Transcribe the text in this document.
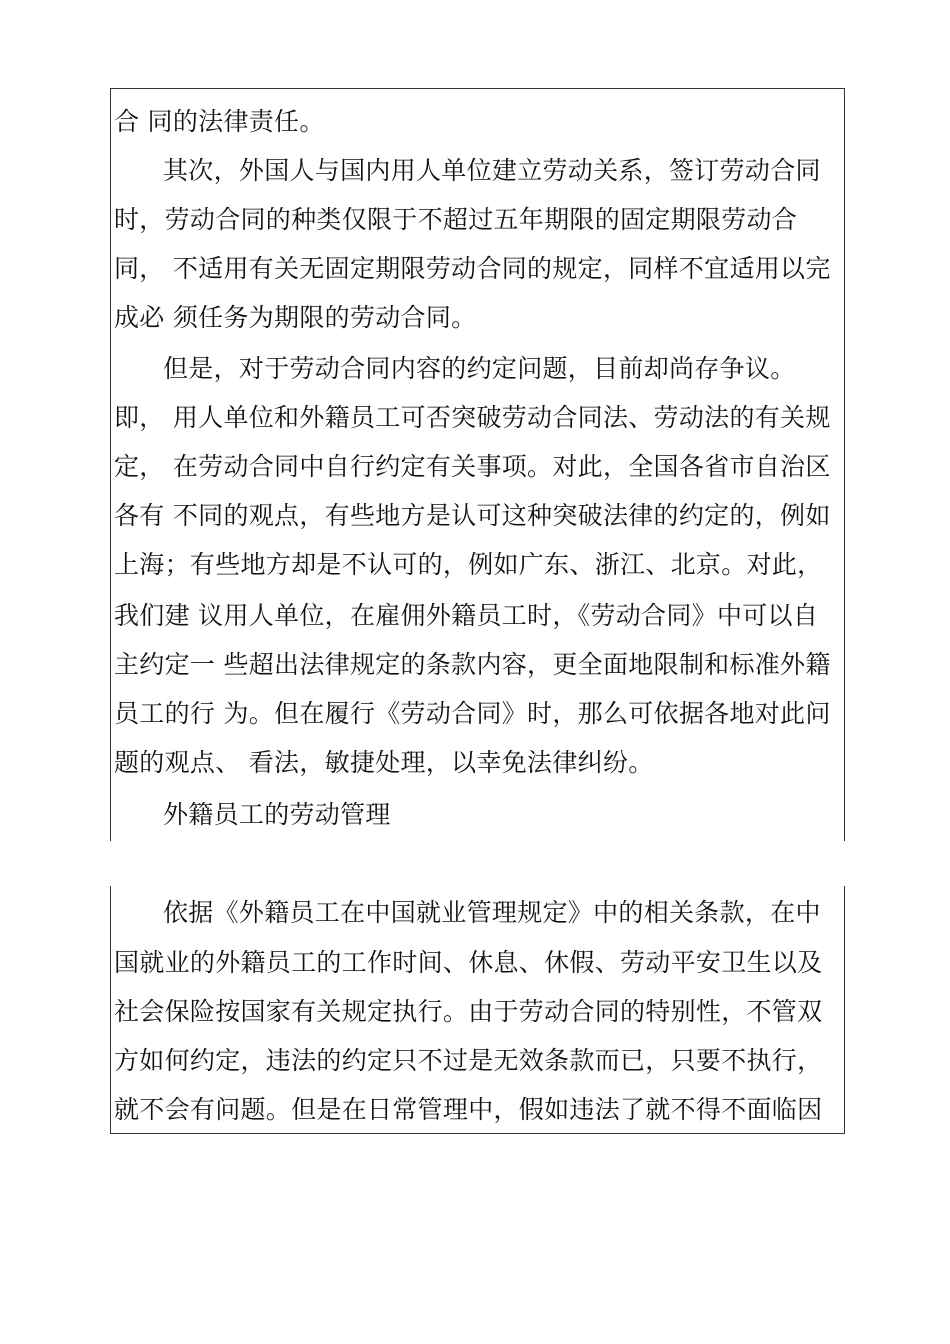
合 同的法律责任。
其次，外国人与国内用人单位建立劳动关系，签订劳动合同
时，劳动合同的种类仅限于不超过五年期限的固定期限劳动合
同， 不适用有关无固定期限劳动合同的规定，同样不宜适用以完
成必 须任务为期限的劳动合同。
但是，对于劳动合同内容的约定问题，目前却尚存争议。
即， 用人单位和外籍员工可否突破劳动合同法、劳动法的有关规
定， 在劳动合同中自行约定有关事项。对此，全国各省市自治区
各有 不同的观点，有些地方是认可这种突破法律的约定的，例如
上海；有些地方却是不认可的，例如广东、浙江、北京。对此，
我们建 议用人单位，在雇佣外籍员工时，《劳动合同》中可以自
主约定一 些超出法律规定的条款内容，更全面地限制和标准外籍
员工的行 为。但在履行《劳动合同》时，那么可依据各地对此问
题的观点、 看法，敏捷处理，以幸免法律纠纷。
外籍员工的劳动管理
依据《外籍员工在中国就业管理规定》中的相关条款，在中
国就业的外籍员工的工作时间、休息、休假、劳动平安卫生以及
社会保险按国家有关规定执行。由于劳动合同的特别性，不管双
方如何约定，违法的约定只不过是无效条款而已，只要不执行，
就不会有问题。但是在日常管理中，假如违法了就不得不面临因
